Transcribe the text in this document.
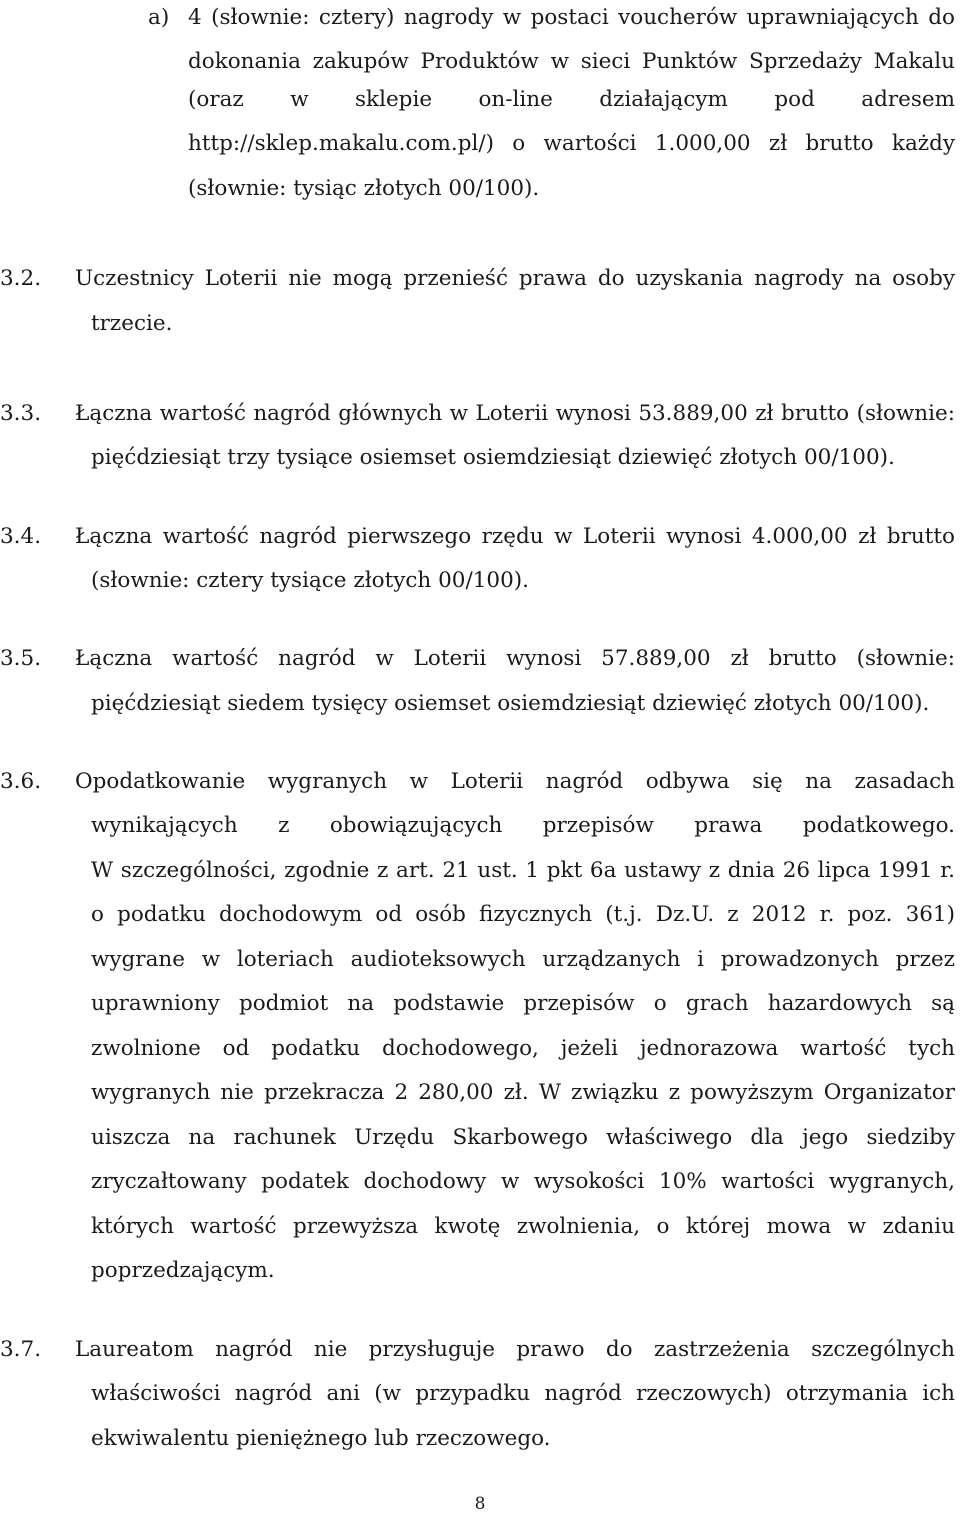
a) 4 (słownie: cztery) nagrody w postaci voucherów uprawniających do
dokonania zakupów Produktów w sieci Punktów Sprzedaży Makalu
(oraz w sklepie on-line działającym pod adresem
http://sklep.makalu.com.pl/) o wartości 1.000,00 zł brutto każdy
(słownie: tysiąc złotych 00/100).
3.2. Uczestnicy Loterii nie mogą przenieść prawa do uzyskania nagrody na osoby
trzecie.
3.3. Łączna wartość nagród głównych w Loterii wynosi 53.889,00 zł brutto (słownie:
pięćdziesiąt trzy tysiące osiemset osiemdziesiąt dziewięć złotych 00/100).
3.4. Łączna wartość nagród pierwszego rzędu w Loterii wynosi 4.000,00 zł brutto
(słownie: cztery tysiące złotych 00/100).
3.5. Łączna wartość nagród w Loterii wynosi 57.889,00 zł brutto (słownie:
pięćdziesiąt siedem tysięcy osiemset osiemdziesiąt dziewięć złotych 00/100).
3.6. Opodatkowanie wygranych w Loterii nagród odbywa się na zasadach
wynikających z obowiązujących przepisów prawa podatkowego.
W szczególności, zgodnie z art. 21 ust. 1 pkt 6a ustawy z dnia 26 lipca 1991 r.
o podatku dochodowym od osób fizycznych (t.j. Dz.U. z 2012 r. poz. 361)
wygrane w loteriach audioteksowych urządzanych i prowadzonych przez
uprawniony podmiot na podstawie przepisów o grach hazardowych są
zwolnione od podatku dochodowego, jeżeli jednorazowa wartość tych
wygranych nie przekracza 2 280,00 zł. W związku z powyższym Organizator
uiszcza na rachunek Urzędu Skarbowego właściwego dla jego siedziby
zryczałtowany podatek dochodowy w wysokości 10% wartości wygranych,
których wartość przewyższa kwotę zwolnienia, o której mowa w zdaniu
poprzedzającym.
3.7. Laureatom nagród nie przysługuje prawo do zastrzeżenia szczególnych
właściwości nagród ani (w przypadku nagród rzeczowych) otrzymania ich
ekwiwalentu pieniężnego lub rzeczowego.
8
